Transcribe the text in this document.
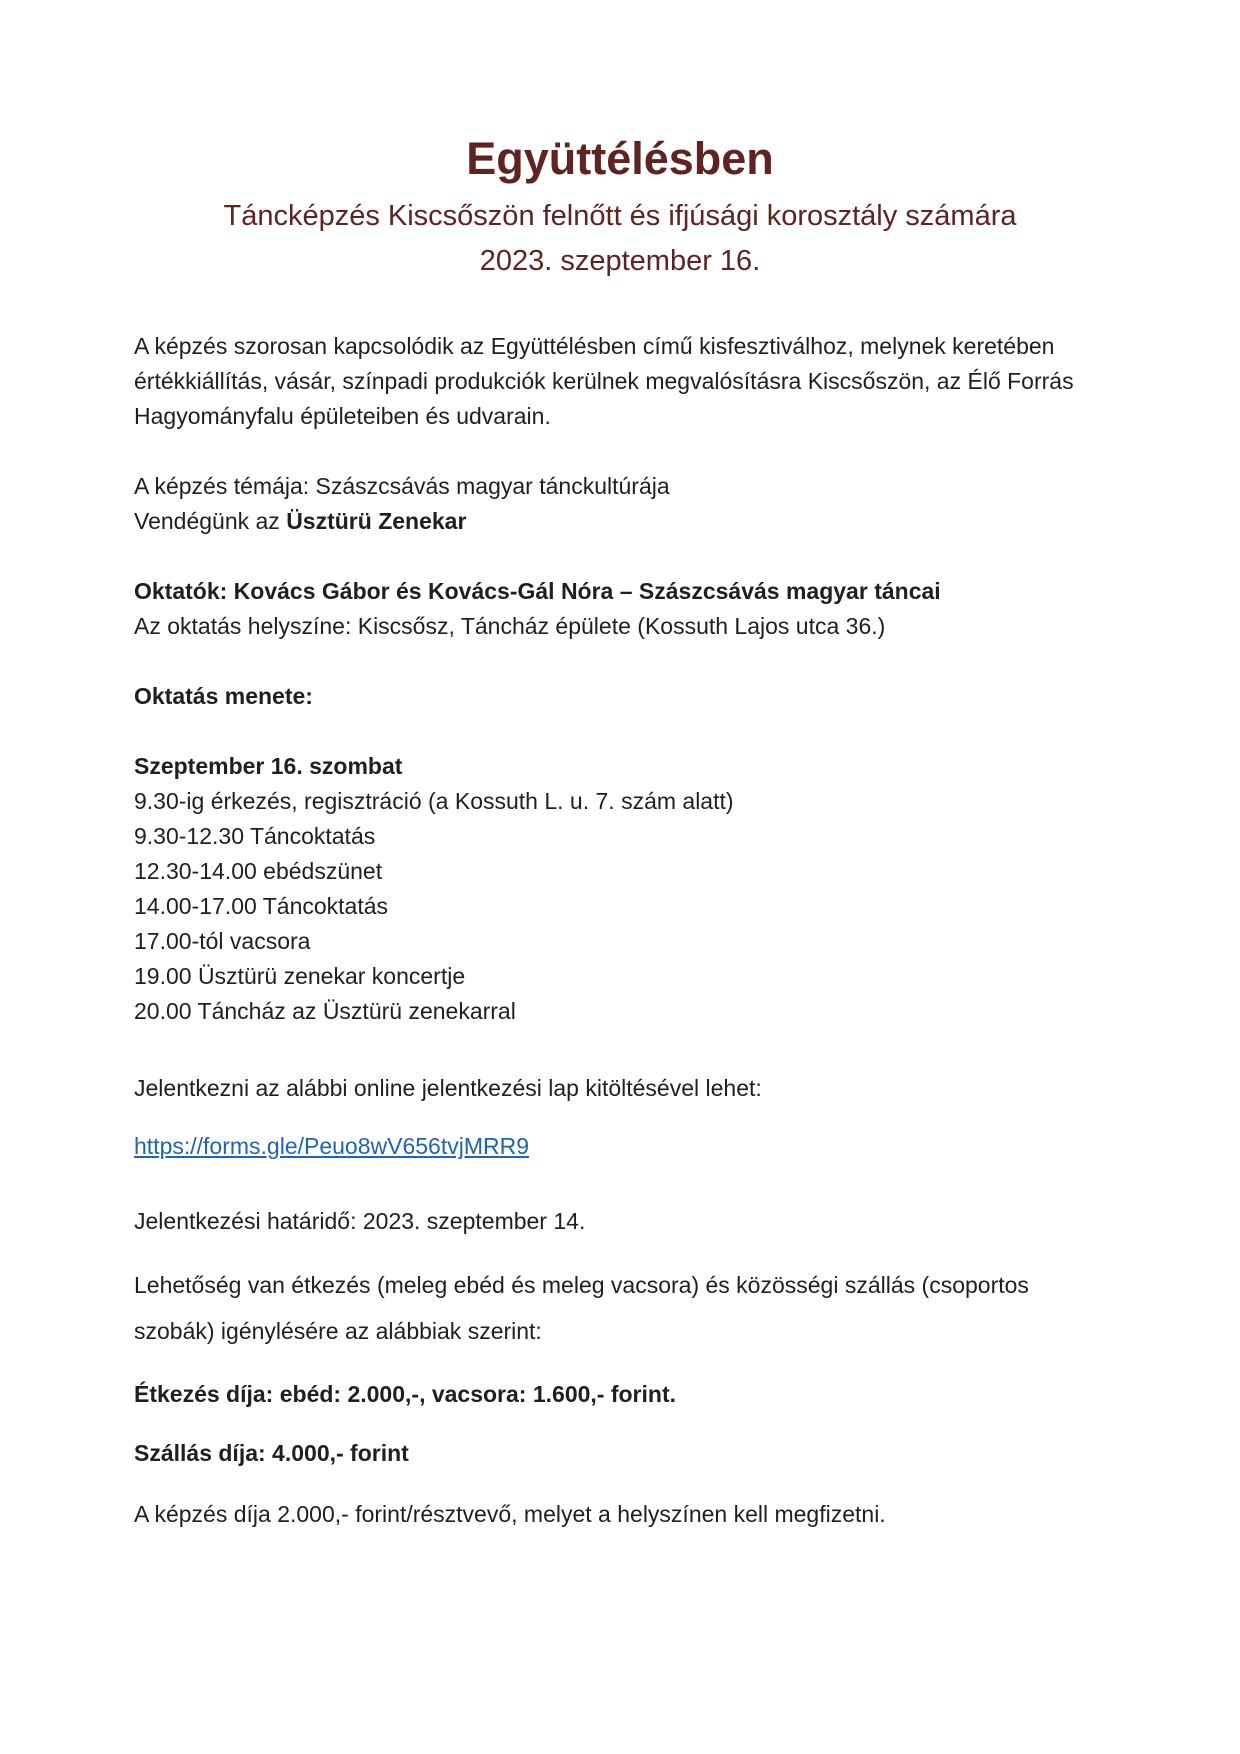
Együttélésben
Táncképzés Kiscsőszön felnőtt és ifjúsági korosztály számára
2023. szeptember 16.

A képzés szorosan kapcsolódik az Együttélésben című kisfesztiválhoz, melynek keretében értékkiállítás, vásár, színpadi produkciók kerülnek megvalósításra Kiscsőszön, az Élő Forrás Hagyományfalu épületeiben és udvarain.

A képzés témája: Szászcsávás magyar tánckultúrája
Vendégünk az Üsztürü Zenekar
Oktatók: Kovács Gábor és Kovács-Gál Nóra – Szászcsávás magyar táncai
Az oktatás helyszíne: Kiscsősz, Táncház épülete (Kossuth Lajos utca 36.)
Oktatás menete:
Szeptember 16. szombat
9.30-ig érkezés, regisztráció (a Kossuth L. u. 7. szám alatt)
9.30-12.30 Táncoktatás
12.30-14.00 ebédszünet
14.00-17.00 Táncoktatás
17.00-tól vacsora
19.00 Üsztürü zenekar koncertje
20.00 Táncház az Üsztürü zenekarral

Jelentkezni az alábbi online jelentkezési lap kitöltésével lehet:

https://forms.gle/Peuo8wV656tvjMRR9

Jelentkezési határidő: 2023. szeptember 14.

Lehetőség van étkezés (meleg ebéd és meleg vacsora) és közösségi szállás (csoportos szobák) igénylésére az alábbiak szerint:

Étkezés díja: ebéd: 2.000,-, vacsora: 1.600,- forint.

Szállás díja: 4.000,- forint

A képzés díja 2.000,- forint/résztvevő, melyet a helyszínen kell megfizetni.
